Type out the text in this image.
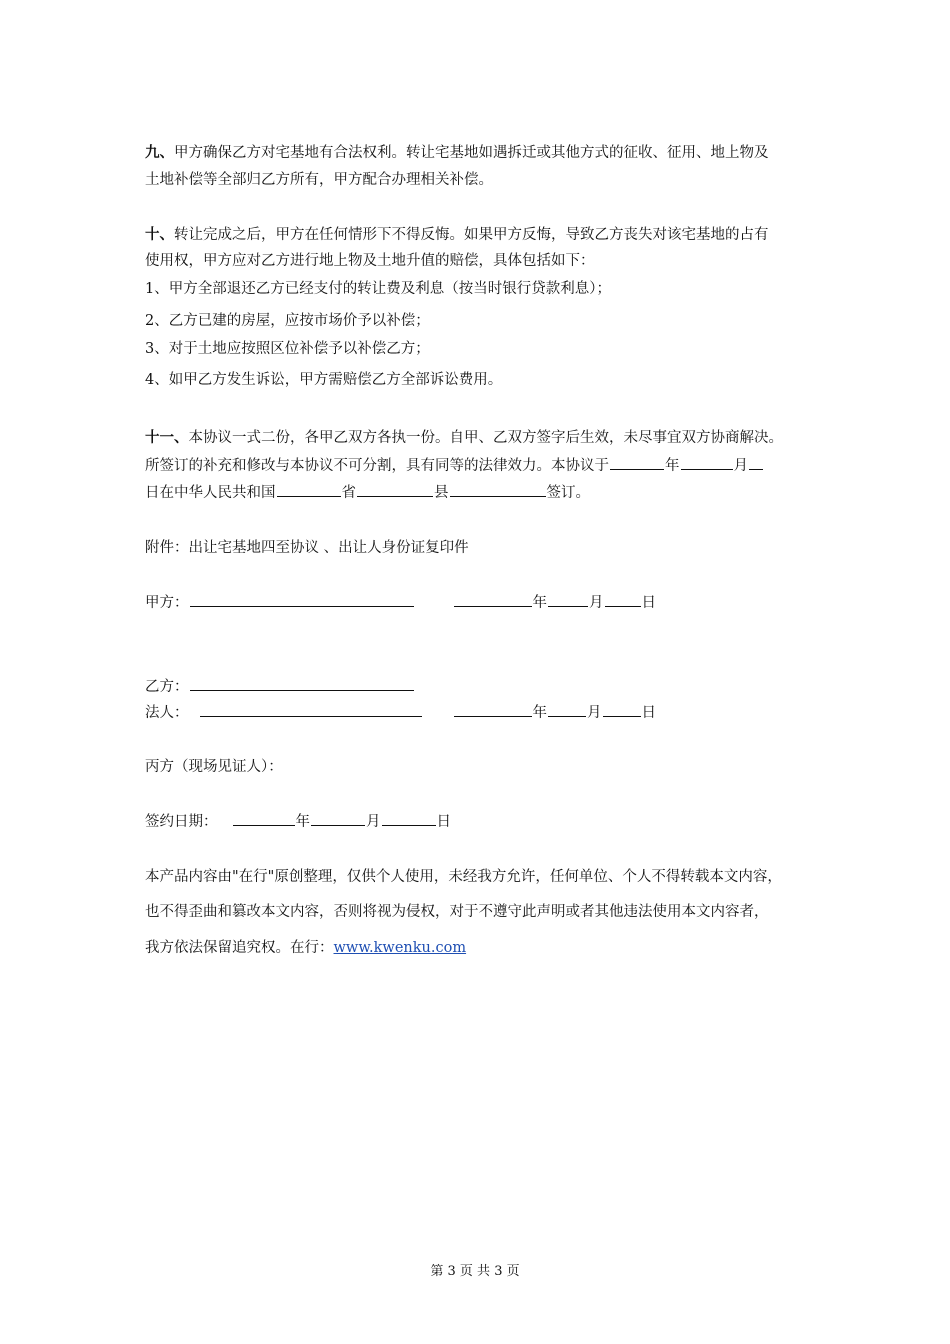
九、甲方确保乙方对宅基地有合法权利。转让宅基地如遇拆迁或其他方式的征收、征用、地上物及
土地补偿等全部归乙方所有，甲方配合办理相关补偿。
十、转让完成之后，甲方在任何情形下不得反悔。如果甲方反悔，导致乙方丧失对该宅基地的占有
使用权，甲方应对乙方进行地上物及土地升值的赔偿，具体包括如下：
1、甲方全部退还乙方已经支付的转让费及利息（按当时银行贷款利息）；
2、乙方已建的房屋，应按市场价予以补偿；
3、对于土地应按照区位补偿予以补偿乙方；
4、如甲乙方发生诉讼，甲方需赔偿乙方全部诉讼费用。
十一、本协议一式二份，各甲乙双方各执一份。自甲、乙双方签字后生效，未尽事宜双方协商解决。
所签订的补充和修改与本协议不可分割，具有同等的法律效力。本协议于	年	月
日在中华人民共和国	省	县	签订。
附件：出让宅基地四至协议 、出让人身份证复印件
甲方：	年	月	日
乙方：
法人：	年	月	日
丙方（现场见证人）：
签约日期：	年	月	日
本产品内容由"在行"原创整理，仅供个人使用，未经我方允许，任何单位、个人不得转载本文内容，
也不得歪曲和篡改本文内容，否则将视为侵权，对于不遵守此声明或者其他违法使用本文内容者，
我方依法保留追究权。在行：www.kwenku.com
第 3 页 共 3 页
